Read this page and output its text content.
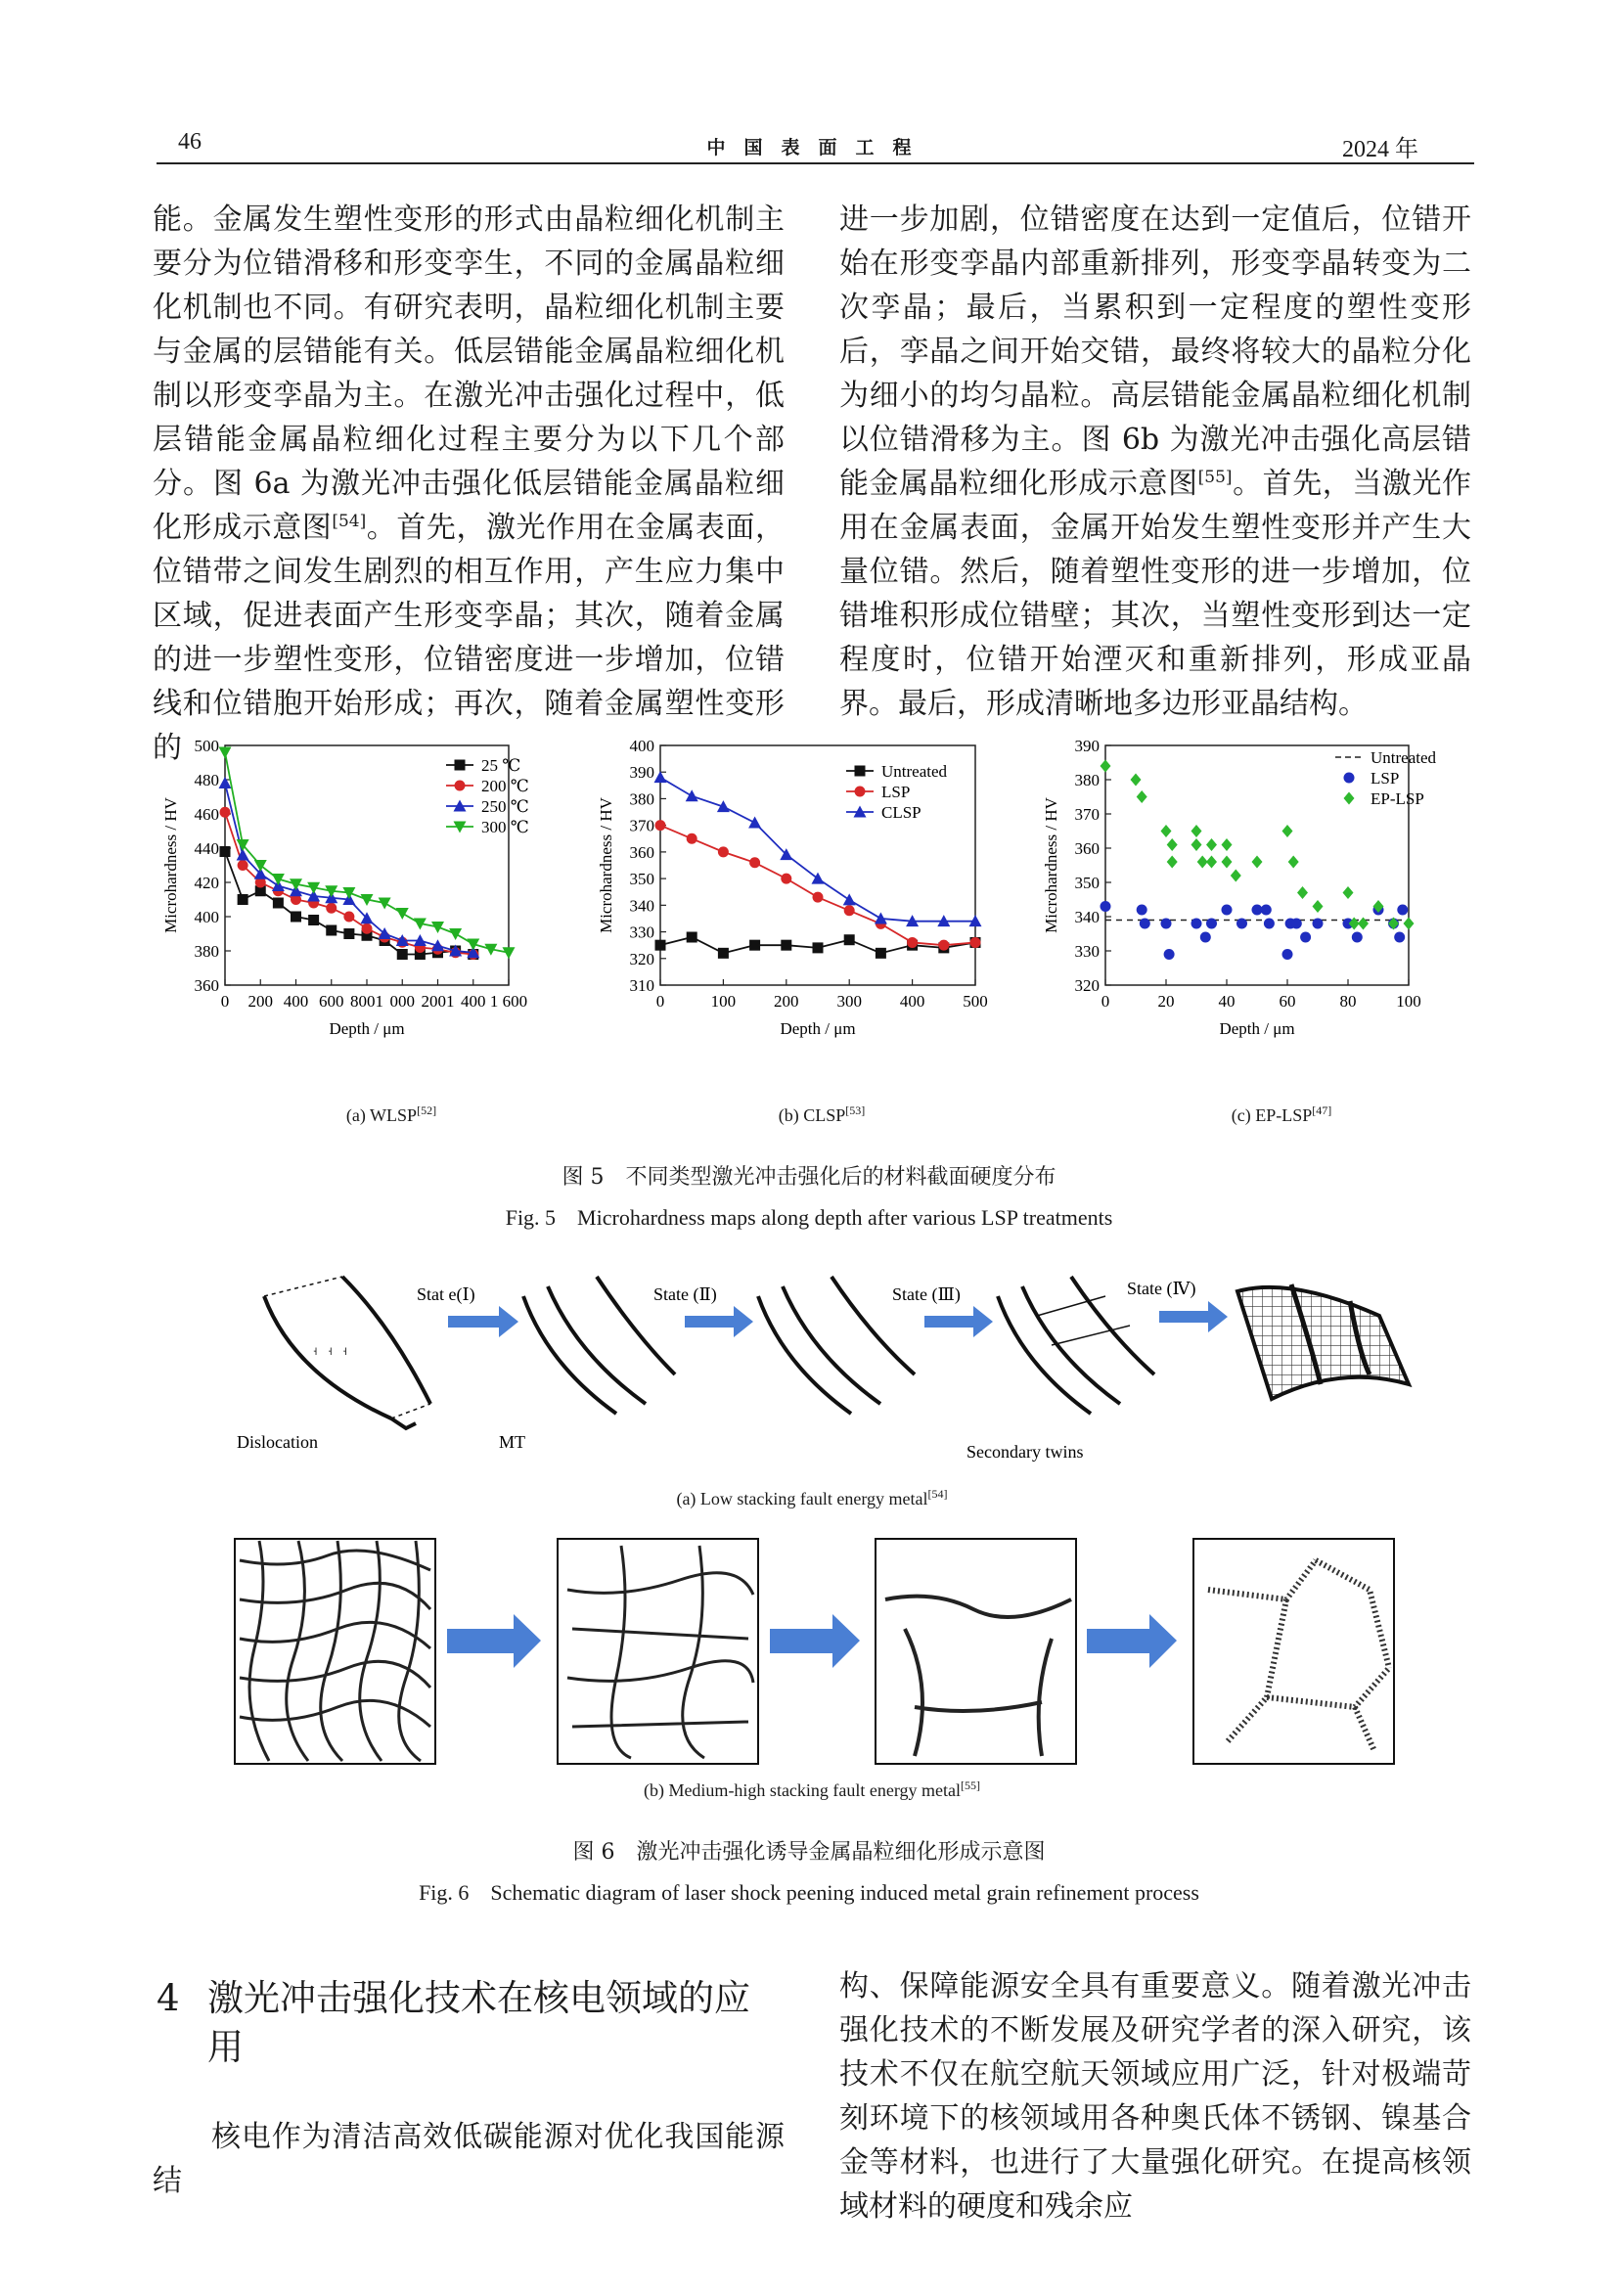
46	中　国　表　面　工　程	2024 年

能。金属发生塑性变形的形式由晶粒细化机制主要分为位错滑移和形变孪生，不同的金属晶粒细化机制也不同。有研究表明，晶粒细化机制主要与金属的层错能有关。低层错能金属晶粒细化机制以形变孪晶为主。在激光冲击强化过程中，低层错能金属晶粒细化过程主要分为以下几个部分。图 6a 为激光冲击强化低层错能金属晶粒细化形成示意图[54]。首先，激光作用在金属表面，位错带之间发生剧烈的相互作用，产生应力集中区域，促进表面产生形变孪晶；其次，随着金属的进一步塑性变形，位错密度进一步增加，位错线和位错胞开始形成；再次，随着金属塑性变形的

进一步加剧，位错密度在达到一定值后，位错开始在形变孪晶内部重新排列，形变孪晶转变为二次孪晶；最后，当累积到一定程度的塑性变形后，孪晶之间开始交错，最终将较大的晶粒分化为细小的均匀晶粒。高层错能金属晶粒细化机制以位错滑移为主。图 6b 为激光冲击强化高层错能金属晶粒细化形成示意图[55]。首先，当激光作用在金属表面，金属开始发生塑性变形并产生大量位错。然后，随着塑性变形的进一步增加，位错堆积形成位错壁；其次，当塑性变形到达一定程度时，位错开始湮灭和重新排列，形成亚晶界。最后，形成清晰地多边形亚晶结构。

500
480
460
440
420
400
380
360
0 200 400 600 8001 000 2001 400 1 600
Depth / μm
Microhardness / HV
25 ℃
200 ℃
250 ℃
300 ℃
400
390
380
370
360
350
340
330
320
310
0	100 200 300 400 500
Depth / μm
Microhardness / HV
Untreated
LSP
CLSP
390
380
370
360
350
340
330
320
0	20	40	60	80 100
Depth / μm
Microhardness / HV
Untreated
LSP
EP-LSP
(a) WLSP[52]	(b) CLSP[53]	(c) EP-LSP[47]
图 5　不同类型激光冲击强化后的材料截面硬度分布
Fig. 5　Microhardness maps along depth after various LSP treatments
˧　˧　˧
Dislocation
Stat e(Ⅰ)	State (Ⅱ)	State (Ⅲ)	State (Ⅳ)
MT	Secondary twins
(a) Low stacking fault energy metal[54]
(b) Medium-high stacking fault energy metal[55]
图 6　激光冲击强化诱导金属晶粒细化形成示意图
Fig. 6　Schematic diagram of laser shock peening induced metal grain refinement process
4 激光冲击强化技术在核电领域的应用
核电作为清洁高效低碳能源对优化我国能源结
构、保障能源安全具有重要意义。随着激光冲击强化技术的不断发展及研究学者的深入研究，该技术不仅在航空航天领域应用广泛，针对极端苛刻环境下的核领域用各种奥氏体不锈钢、镍基合金等材料，也进行了大量强化研究。在提高核领域材料的硬度和残余应
